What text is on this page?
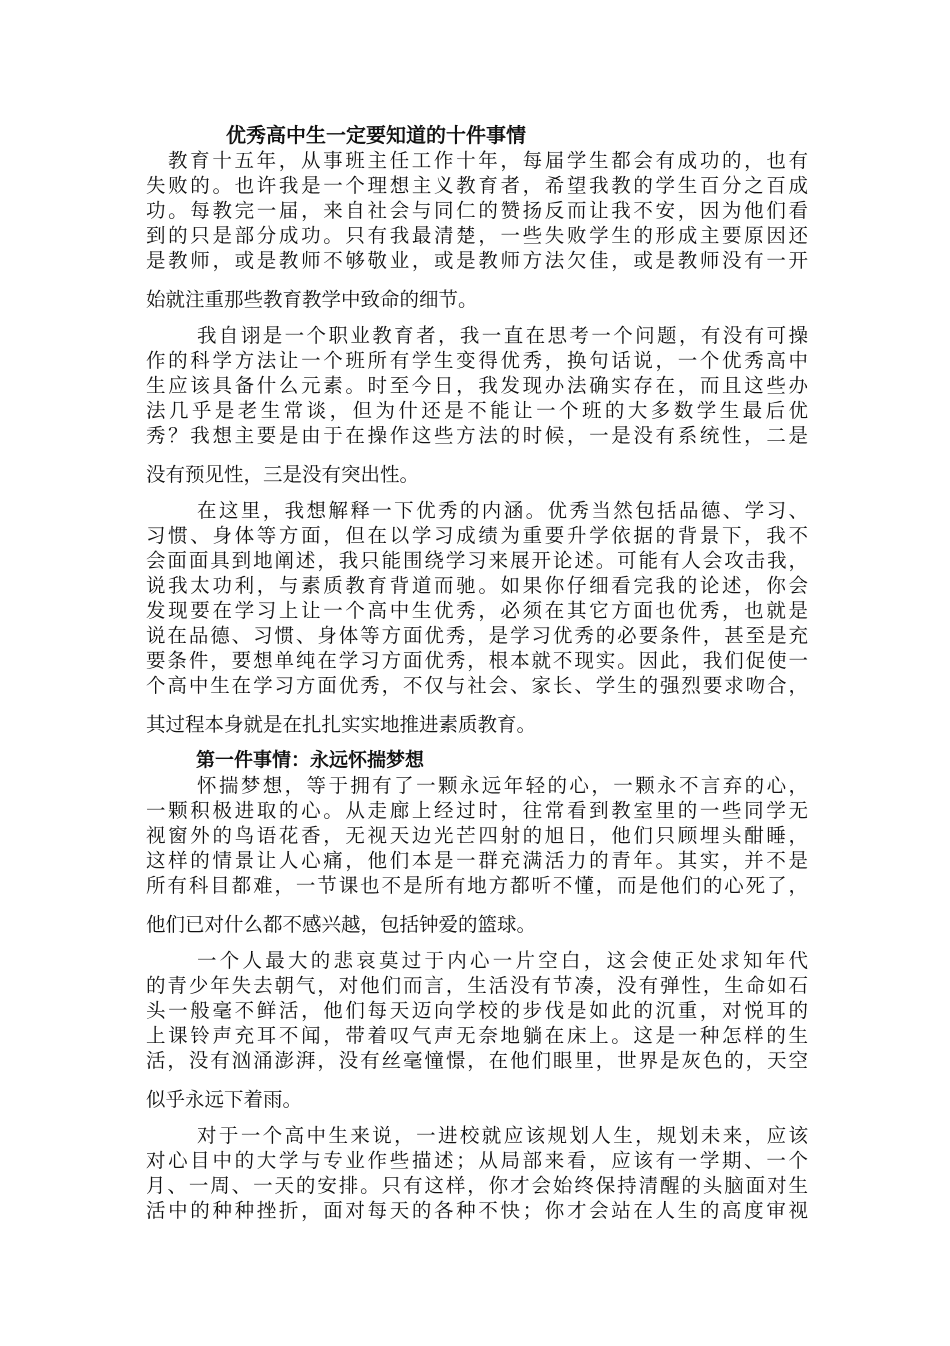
优秀高中生一定要知道的十件事情
教育十五年，从事班主任工作十年，每届学生都会有成功的，也有
失败的。也许我是一个理想主义教育者，希望我教的学生百分之百成
功。每教完一届，来自社会与同仁的赞扬反而让我不安，因为他们看
到的只是部分成功。只有我最清楚，一些失败学生的形成主要原因还
是教师，或是教师不够敬业，或是教师方法欠佳，或是教师没有一开
始就注重那些教育教学中致命的细节。
我自诩是一个职业教育者，我一直在思考一个问题，有没有可操
作的科学方法让一个班所有学生变得优秀，换句话说，一个优秀高中
生应该具备什么元素。时至今日，我发现办法确实存在，而且这些办
法几乎是老生常谈，但为什还是不能让一个班的大多数学生最后优
秀？我想主要是由于在操作这些方法的时候，一是没有系统性，二是
没有预见性，三是没有突出性。
在这里，我想解释一下优秀的内涵。优秀当然包括品德、学习、
习惯、身体等方面，但在以学习成绩为重要升学依据的背景下，我不
会面面具到地阐述，我只能围绕学习来展开论述。可能有人会攻击我，
说我太功利，与素质教育背道而驰。如果你仔细看完我的论述，你会
发现要在学习上让一个高中生优秀，必须在其它方面也优秀，也就是
说在品德、习惯、身体等方面优秀，是学习优秀的必要条件，甚至是充
要条件，要想单纯在学习方面优秀，根本就不现实。因此，我们促使一
个高中生在学习方面优秀，不仅与社会、家长、学生的强烈要求吻合，
其过程本身就是在扎扎实实地推进素质教育。
第一件事情：永远怀揣梦想
怀揣梦想，等于拥有了一颗永远年轻的心，一颗永不言弃的心，
一颗积极进取的心。从走廊上经过时，往常看到教室里的一些同学无
视窗外的鸟语花香，无视天边光芒四射的旭日，他们只顾埋头酣睡，
这样的情景让人心痛，他们本是一群充满活力的青年。其实，并不是
所有科目都难，一节课也不是所有地方都听不懂，而是他们的心死了，
他们已对什么都不感兴越，包括钟爱的篮球。
一个人最大的悲哀莫过于内心一片空白，这会使正处求知年代
的青少年失去朝气，对他们而言，生活没有节凑，没有弹性，生命如石
头一般毫不鲜活，他们每天迈向学校的步伐是如此的沉重，对悦耳的
上课铃声充耳不闻，带着叹气声无奈地躺在床上。这是一种怎样的生
活，没有汹涌澎湃，没有丝毫憧憬，在他们眼里，世界是灰色的，天空
似乎永远下着雨。
对于一个高中生来说，一进校就应该规划人生，规划未来，应该
对心目中的大学与专业作些描述；从局部来看，应该有一学期、一个
月、一周、一天的安排。只有这样，你才会始终保持清醒的头脑面对生
活中的种种挫折，面对每天的各种不快；你才会站在人生的高度审视
